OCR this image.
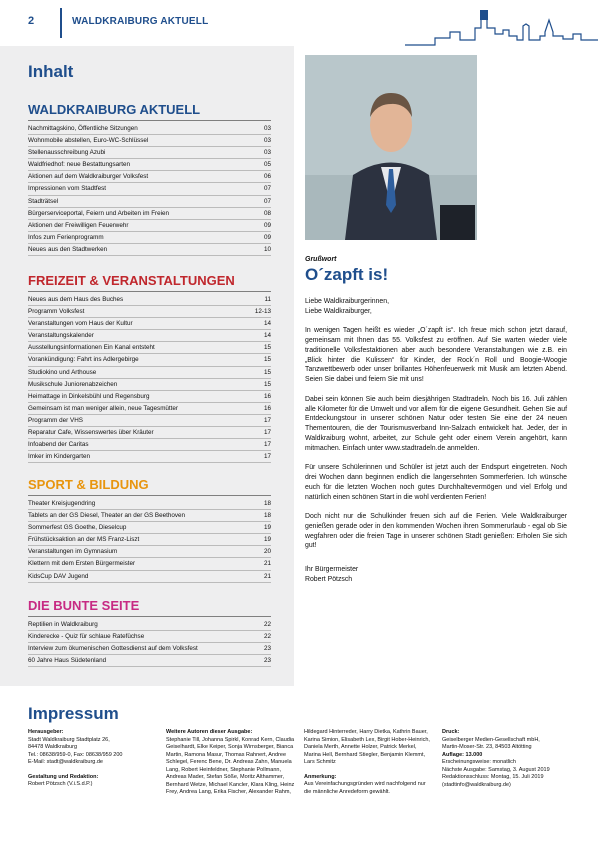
2	WALDKRAIBURG AKTUELL
Inhalt
WALDKRAIBURG AKTUELL
Nachmittagskino, Öffentliche Sitzungen	03
Wohnmobile abstellen, Euro-WC-Schlüssel	03
Stellenausschreibung Azubi	03
Waldfriedhof: neue Bestattungsarten	05
Aktionen auf dem Waldkraiburger Volksfest	06
Impressionen vom Stadtfest	07
Stadträtsel	07
Bürgerserviceportal, Feiern und Arbeiten im Freien	08
Aktionen der Freiwilligen Feuerwehr	09
Infos zum Ferienprogramm	09
Neues aus den Stadtwerken	10
FREIZEIT & VERANSTALTUNGEN
Neues aus dem Haus des Buches	11
Programm Volksfest	12-13
Veranstaltungen vom Haus der Kultur	14
Veranstaltungskalender	14
Ausstellungsinformationen Ein Kanal entsteht	15
Vorankündigung: Fahrt ins Adlergebirge	15
Studiokino und Arthouse	15
Musikschule Juniorenabzeichen	15
Heimattage in Dinkelsbühl und Regensburg	16
Gemeinsam ist man weniger allein, neue Tagesmütter	16
Programm der VHS	17
Reparatur Cafe, Wissenswertes über Kräuter	17
Infoabend der Caritas	17
Imker im Kindergarten	17
SPORT & BILDUNG
Theater Kreisjugendring	18
Tablets an der GS Diesel, Theater an der GS Beethoven	18
Sommerfest GS Goethe, Dieselcup	19
Frühstücksaktion an der MS Franz-Liszt	19
Veranstaltungen im Gymnasium	20
Klettern mit dem Ersten Bürgermeister	21
KidsCup DAV Jugend	21
DIE BUNTE SEITE
Reptilien in Waldkraiburg	22
Kinderecke - Quiz für schlaue Ratefüchse	22
Interview zum ökumenischen Gottesdienst auf dem Volksfest	23
60 Jahre Haus Südetenland	23
Grußwort
O´zapft is!

Liebe Waldkraiburgerinnen,
Liebe Waldkraiburger,

In wenigen Tagen heißt es wieder „O´zapft is“. Ich freue mich schon jetzt darauf, gemeinsam mit Ihnen das 55. Volksfest zu eröffnen. Auf Sie warten wieder viele traditionelle Volksfestaktionen aber auch besondere Veranstaltungen wie z.B. ein „Blick hinter die Kulissen“ für Kinder, der Rock´n Roll und Boogie-Woogie Tanzwettbewerb oder unser brillantes Höhenfeuerwerk mit Musik am letzten Abend. Seien Sie dabei und feiern Sie mit uns!

Dabei sein können Sie auch beim diesjährigen Stadtradeln. Noch bis 16. Juli zählen alle Kilometer für die Umwelt und vor allem für die eigene Gesundheit. Gehen Sie auf Entdeckungstour in unserer schönen Natur oder testen Sie eine der 24 neuen Thementouren, die der Tourismusverband Inn-Salzach entwickelt hat. Jeder, der in Waldkraiburg wohnt, arbeitet, zur Schule geht oder einem Verein angehört, kann mitmachen. Einfach unter www.stadtradeln.de anmelden.

Für unsere Schülerinnen und Schüler ist jetzt auch der Endspurt eingetreten. Noch drei Wochen dann beginnen endlich die langersehnten Sommerferien. Ich wünsche euch für die letzten Wochen noch gutes Durchhaltevermögen und viel Erfolg und natürlich einen schönen Start in die wohl verdienten Ferien!

Doch nicht nur die Schulkinder freuen sich auf die Ferien. Viele Waldkraiburger genießen gerade oder in den kommenden Wochen ihren Sommerurlaub - egal ob Sie wegfahren oder die freien Tage in unserer schönen Stadt genießen: Erholen Sie sich gut!

Ihr Bürgermeister
Robert Pötzsch

Impressum
Herausgeber:
Stadt Waldkraiburg Stadtplatz 26,
84478 Waldkraiburg
Tel.: 08638/959-0, Fax: 08638/959 200
E-Mail: stadt@waldkraiburg.de
Gestaltung und Redaktion:
Robert Pötzsch (V.i.S.d.P.)
Weitere Autoren dieser Ausgabe:
Stephanie Till, Johanna Spirkl, Konrad Kern, Claudia
Geiselhardt, Elke Keiper, Sonja Wirnsberger, Bianca
Martin, Ramona Masur, Thomas Rahnert, Andree
Schlegel, Ferenc Bene, Dr. Andreas Zahn, Manuela
Lang, Robert Heinfeldner, Stephanie Pollmann,
Andreas Mader, Stefan Söße, Moritz Althammer,
Bernhard Wetze, Michael Kancler, Klara Kling, Heinz
Frey, Andrea Lang, Erika Fischer, Alexander Rahm,
Hildegard Hinterreder, Harry Dietka, Kathrin Bauer,
Karina Simion, Elisabeth Lex, Birgit Hober-Heinrich,
Daniela Merth, Annette Holzer, Patrick Merkel,
Marina Hell, Bernhard Stiegler, Benjamin Klemmt,
Lars Schmitz
Anmerkung:
Aus Vereinfachungsgründen wird nachfolgend nur
die männliche Anredeform gewählt.
Druck:
Geiselberger Medien-Gesellschaft mbH,
Martin-Moser-Str. 23, 84503 Altötting
Auflage: 13.000
Erscheinungsweise: monatlich
Nächste Ausgabe: Samstag, 3. August 2019
Redaktionsschluss: Montag, 15. Juli 2019
(stadtinfo@waldkraiburg.de)
